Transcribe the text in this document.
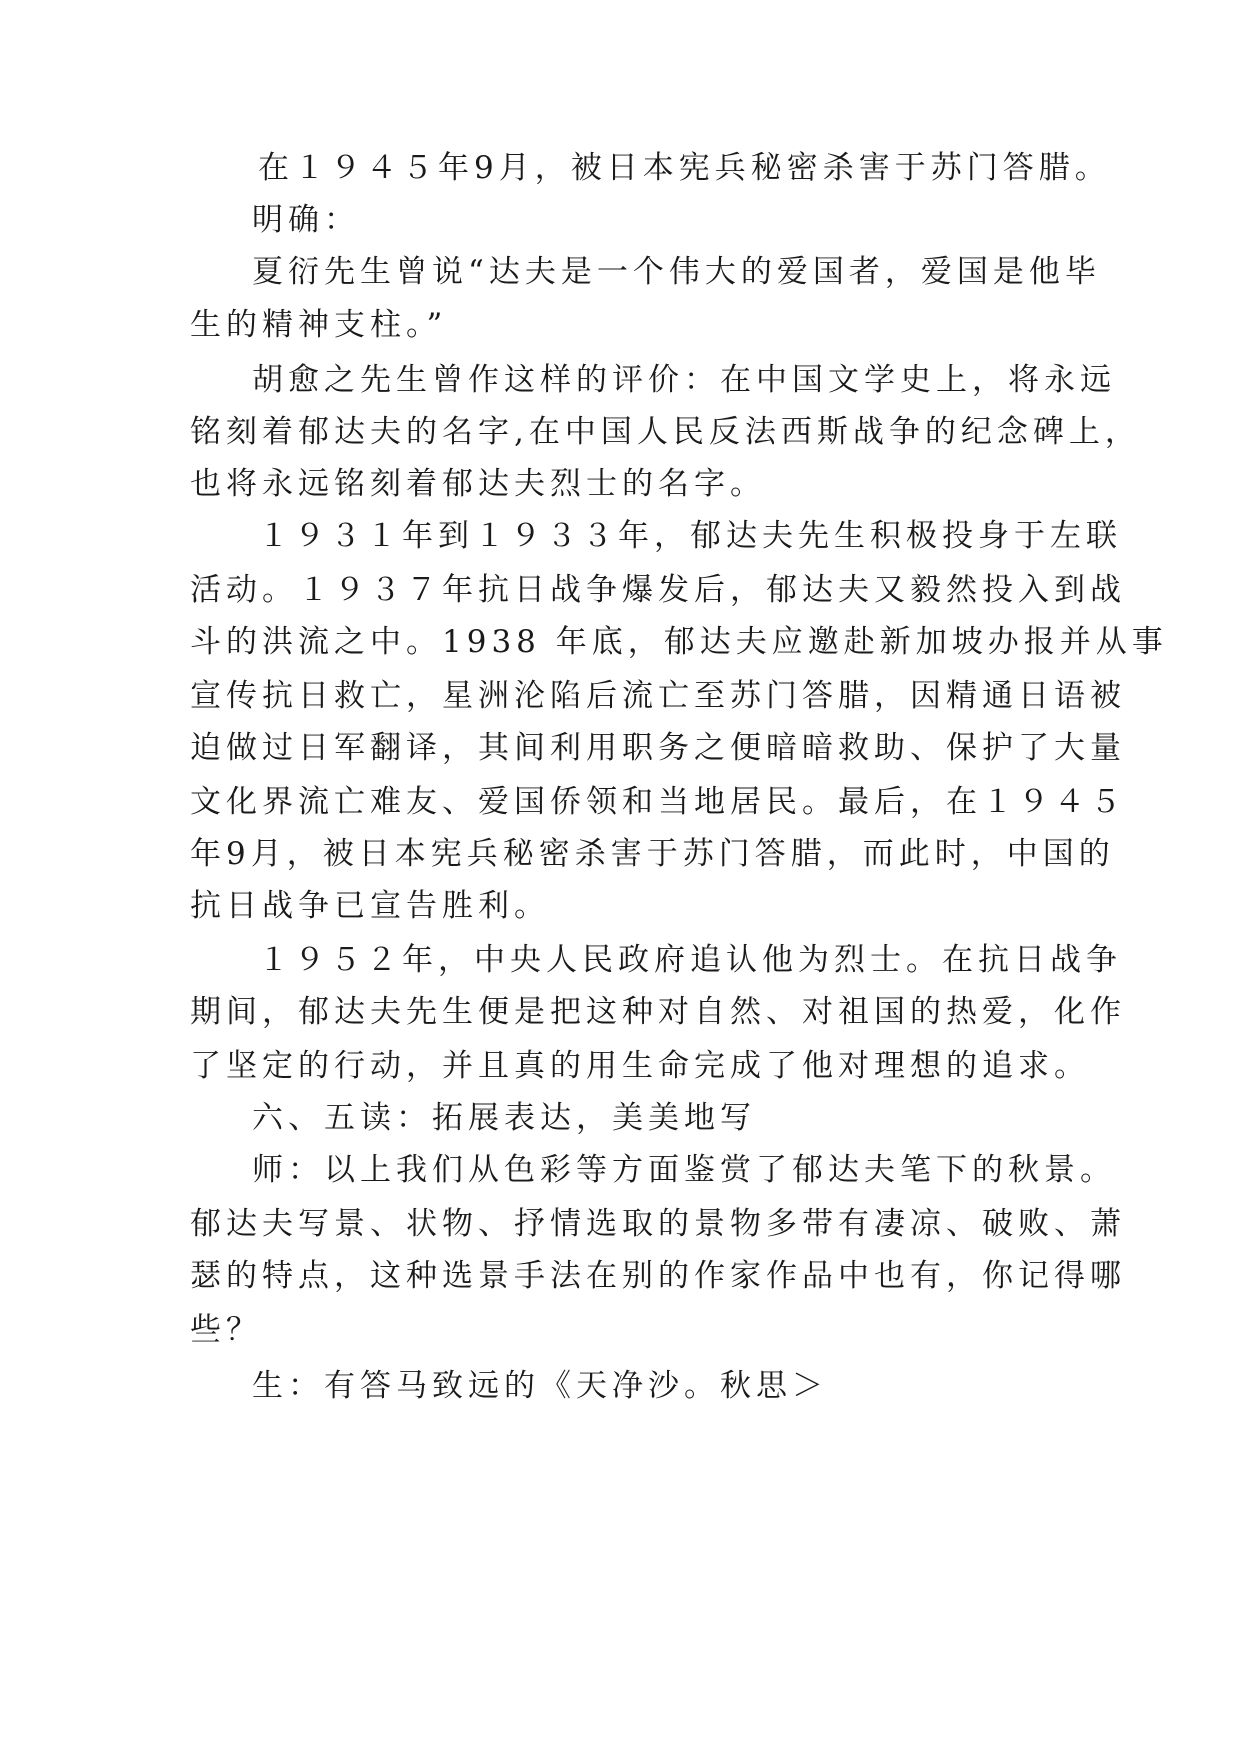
在１９４５年9月，被日本宪兵秘密杀害于苏门答腊。

明确：

夏衍先生曾说“达夫是一个伟大的爱国者，爱国是他毕

生的精神支柱。”

胡愈之先生曾作这样的评价：在中国文学史上，将永远

铭刻着郁达夫的名字,在中国人民反法西斯战争的纪念碑上，

也将永远铭刻着郁达夫烈士的名字。

１９３１年到１９３３年，郁达夫先生积极投身于左联

活动。１９３７年抗日战争爆发后，郁达夫又毅然投入到战

斗的洪流之中。1938 年底，郁达夫应邀赴新加坡办报并从事

宣传抗日救亡，星洲沦陷后流亡至苏门答腊，因精通日语被

迫做过日军翻译，其间利用职务之便暗暗救助、保护了大量

文化界流亡难友、爱国侨领和当地居民。最后，在１９４５

年9月，被日本宪兵秘密杀害于苏门答腊，而此时，中国的

抗日战争已宣告胜利。

１９５２年，中央人民政府追认他为烈士。在抗日战争

期间，郁达夫先生便是把这种对自然、对祖国的热爱，化作

了坚定的行动，并且真的用生命完成了他对理想的追求。

六、五读：拓展表达，美美地写

师：以上我们从色彩等方面鉴赏了郁达夫笔下的秋景。

郁达夫写景、状物、抒情选取的景物多带有凄凉、破败、萧

瑟的特点，这种选景手法在别的作家作品中也有，你记得哪

些？

生：有答马致远的《天净沙。秋思＞
